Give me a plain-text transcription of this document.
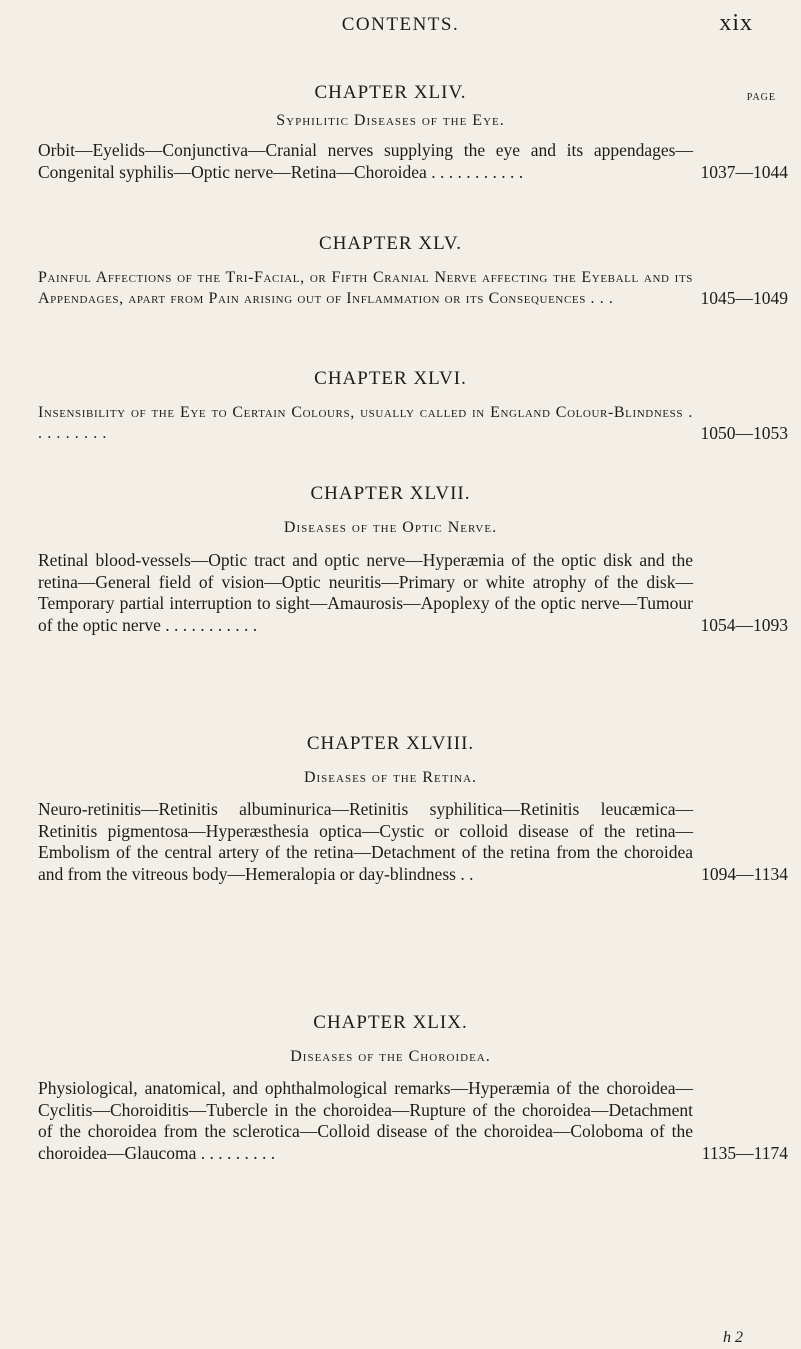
CONTENTS.	xix
PAGE
CHAPTER XLIV.
Syphilitic Diseases of the Eye.
Orbit—Eyelids—Conjunctiva—Cranial nerves supplying the eye and its appendages—Congenital syphilis—Optic nerve—Retina—Choroidea . . . . . . . . . . .	1037—1044
CHAPTER XLV.
Painful Affections of the Tri-Facial, or Fifth Cranial Nerve affecting the Eyeball and its Appendages, apart from Pain arising out of Inflammation or its Consequences . . .	1045—1049
CHAPTER XLVI.
Insensibility of the Eye to Certain Colours, usually called in England Colour-Blindness . . . . . . . . .	1050—1053
CHAPTER XLVII.
Diseases of the Optic Nerve.
Retinal blood-vessels—Optic tract and optic nerve—Hyperæmia of the optic disk and the retina—General field of vision—Optic neuritis—Primary or white atrophy of the disk—Temporary partial interruption to sight—Amaurosis—Apoplexy of the optic nerve—Tumour of the optic nerve . . . . . . . . . . .	1054—1093
CHAPTER XLVIII.
Diseases of the Retina.
Neuro-retinitis—Retinitis albuminurica—Retinitis syphilitica—Retinitis leucæmica—Retinitis pigmentosa—Hyperæsthesia optica—Cystic or colloid disease of the retina—Embolism of the central artery of the retina—Detachment of the retina from the choroidea and from the vitreous body—Hemeralopia or day-blindness . .	1094—1134
CHAPTER XLIX.
Diseases of the Choroidea.
Physiological, anatomical, and ophthalmological remarks—Hyperæmia of the choroidea—Cyclitis—Choroiditis—Tubercle in the choroidea—Rupture of the choroidea—Detachment of the choroidea from the sclerotica—Colloid disease of the choroidea—Coloboma of the choroidea—Glaucoma . . . . . . . . .	1135—1174
h 2
